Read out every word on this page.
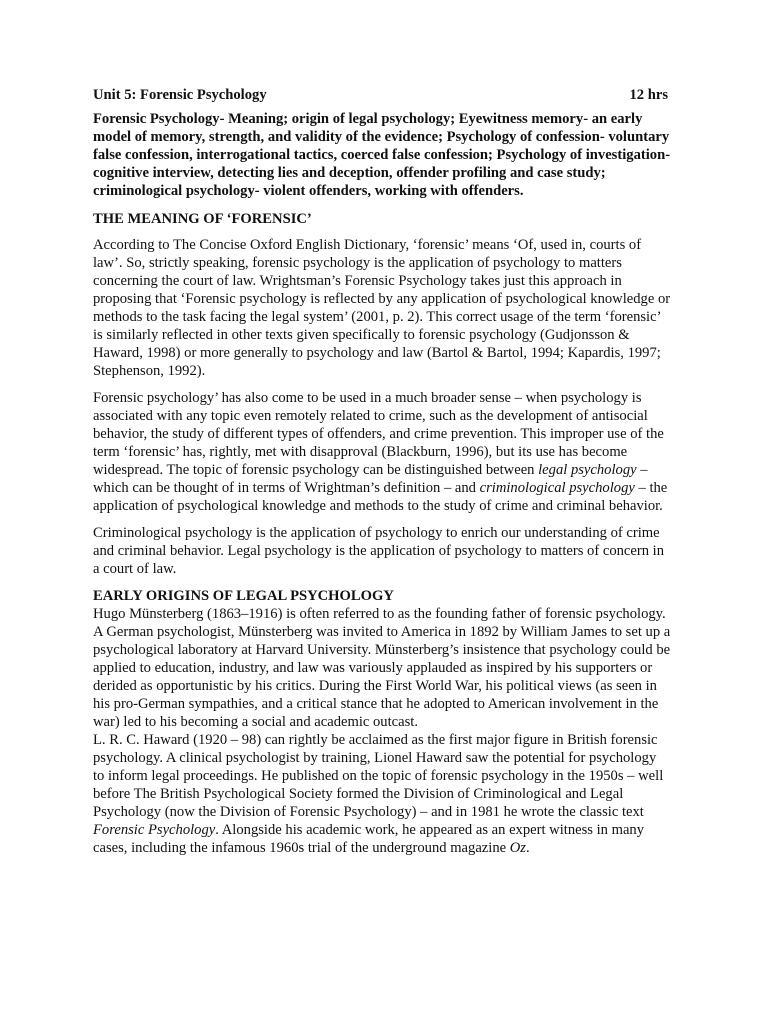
Unit 5: Forensic Psychology	12 hrs

Forensic Psychology- Meaning; origin of legal psychology; Eyewitness memory- an early model of memory, strength, and validity of the evidence; Psychology of confession- voluntary false confession, interrogational tactics, coerced false confession; Psychology of investigation- cognitive interview, detecting lies and deception, offender profiling and case study; criminological psychology- violent offenders, working with offenders.

THE MEANING OF ‘FORENSIC’

According to The Concise Oxford English Dictionary, ‘forensic’ means ‘Of, used in, courts of law’. So, strictly speaking, forensic psychology is the application of psychology to matters concerning the court of law. Wrightsman’s Forensic Psychology takes just this approach in proposing that ‘Forensic psychology is reflected by any application of psychological knowledge or methods to the task facing the legal system’ (2001, p. 2). This correct usage of the term ‘forensic’ is similarly reflected in other texts given specifically to forensic psychology (Gudjonsson & Haward, 1998) or more generally to psychology and law (Bartol & Bartol, 1994; Kapardis, 1997; Stephenson, 1992).

Forensic psychology’ has also come to be used in a much broader sense – when psychology is associated with any topic even remotely related to crime, such as the development of antisocial behavior, the study of different types of offenders, and crime prevention. This improper use of the term ‘forensic’ has, rightly, met with disapproval (Blackburn, 1996), but its use has become widespread. The topic of forensic psychology can be distinguished between legal psychology – which can be thought of in terms of Wrightman’s definition – and criminological psychology – the application of psychological knowledge and methods to the study of crime and criminal behavior.

Criminological psychology is the application of psychology to enrich our understanding of crime and criminal behavior. Legal psychology is the application of psychology to matters of concern in a court of law.

EARLY ORIGINS OF LEGAL PSYCHOLOGY

Hugo Münsterberg (1863–1916) is often referred to as the founding father of forensic psychology. A German psychologist, Münsterberg was invited to America in 1892 by William James to set up a psychological laboratory at Harvard University. Münsterberg’s insistence that psychology could be applied to education, industry, and law was variously applauded as inspired by his supporters or derided as opportunistic by his critics. During the First World War, his political views (as seen in his pro-German sympathies, and a critical stance that he adopted to American involvement in the war) led to his becoming a social and academic outcast.

L. R. C. Haward (1920 – 98) can rightly be acclaimed as the first major figure in British forensic psychology. A clinical psychologist by training, Lionel Haward saw the potential for psychology to inform legal proceedings. He published on the topic of forensic psychology in the 1950s – well before The British Psychological Society formed the Division of Criminological and Legal Psychology (now the Division of Forensic Psychology) – and in 1981 he wrote the classic text Forensic Psychology. Alongside his academic work, he appeared as an expert witness in many cases, including the infamous 1960s trial of the underground magazine Oz.
